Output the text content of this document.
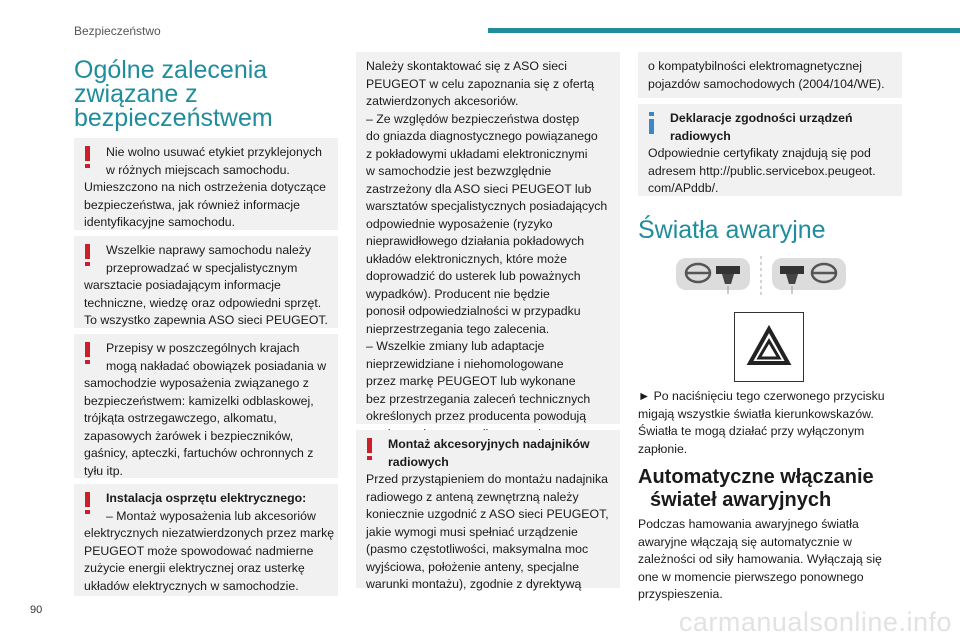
Bezpieczeństwo
Ogólne zalecenia
związane z
bezpieczeństwem
Nie wolno usuwać etykiet przyklejonych
w różnych miejscach samochodu.
Umieszczono na nich ostrzeżenia dotyczące
bezpieczeństwa, jak również informacje
identyfikacyjne samochodu.
Wszelkie naprawy samochodu należy
przeprowadzać w specjalistycznym
warsztacie posiadającym informacje
techniczne, wiedzę oraz odpowiedni sprzęt.
To wszystko zapewnia ASO sieci PEUGEOT.
Przepisy w poszczególnych krajach
mogą nakładać obowiązek posiadania w
samochodzie wyposażenia związanego z
bezpieczeństwem: kamizelki odblaskowej,
trójkąta ostrzegawczego, alkomatu,
zapasowych żarówek i bezpieczników,
gaśnicy, apteczki, fartuchów ochronnych z
tyłu itp.
Instalacja osprzętu elektrycznego:
– Montaż wyposażenia lub akcesoriów
elektrycznych niezatwierdzonych przez markę
PEUGEOT może spowodować nadmierne
zużycie energii elektrycznej oraz usterkę
układów elektrycznych w samochodzie.
Należy skontaktować się z ASO sieci
PEUGEOT w celu zapoznania się z ofertą
zatwierdzonych akcesoriów.
– Ze względów bezpieczeństwa dostęp
do gniazda diagnostycznego powiązanego
z pokładowymi układami elektronicznymi
w samochodzie jest bezwzględnie
zastrzeżony dla ASO sieci PEUGEOT lub
warsztatów specjalistycznych posiadających
odpowiednie wyposażenie (ryzyko
nieprawidłowego działania pokładowych
układów elektronicznych, które może
doprowadzić do usterek lub poważnych
wypadków). Producent nie będzie
ponosił odpowiedzialności w przypadku
nieprzestrzegania tego zalecenia.
– Wszelkie zmiany lub adaptacje
nieprzewidziane i niehomologowane
przez markę PEUGEOT lub wykonane
bez przestrzegania zaleceń technicznych
określonych przez producenta powodują
Montaż akcesoryjnych nadajników
radiowych
Przed przystąpieniem do montażu nadajnika
radiowego z anteną zewnętrzną należy
koniecznie uzgodnić z ASO sieci PEUGEOT,
jakie wymogi musi spełniać urządzenie
(pasmo częstotliwości, maksymalna moc
wyjściowa, położenie anteny, specjalne
warunki montażu), zgodnie z dyrektywą
o kompatybilności elektromagnetycznej
pojazdów samochodowych (2004/104/WE).
Deklaracje zgodności urządzeń
radiowych
Odpowiednie certyfikaty znajdują się pod
adresem http://public.servicebox.peugeot.
com/APddb/.
Światła awaryjne
► Po naciśnięciu tego czerwonego przycisku
migają wszystkie światła kierunkowskazów.
Światła te mogą działać przy wyłączonym
zapłonie.
Automatyczne włączanie
świateł awaryjnych
Podczas hamowania awaryjnego światła
awaryjne włączają się automatycznie w
zależności od siły hamowania. Wyłączają się
one w momencie pierwszego ponownego
przyspieszenia.
90	carmanualsonline.info
